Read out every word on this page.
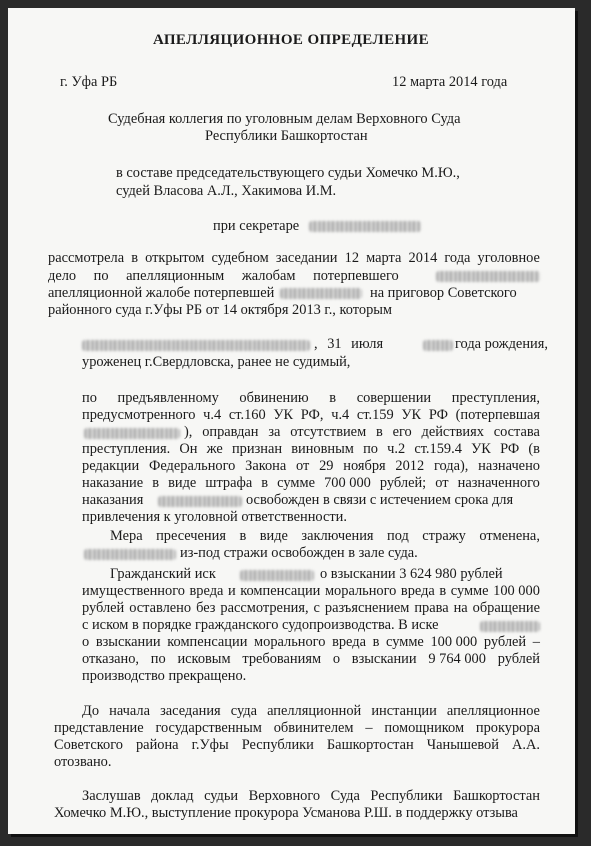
АПЕЛЛЯЦИОННОЕ ОПРЕДЕЛЕНИЕ
г. Уфа РБ	12 марта 2014 года
Судебная коллегия по уголовным делам Верховного Суда
Республики Башкортостан
в составе председательствующего судьи Хомечко М.Ю.,
судей Власова А.Л., Хакимова И.М.
при секретаре
рассмотрела в открытом судебном заседании 12 марта 2014 года уголовное
дело по апелляционным жалобам потерпевшего
апелляционной жалобе потерпевшей	на приговор Советского
районного суда г.Уфы РБ от 14 октября 2013 г., которым
, 31 июля	года рождения,
уроженец г.Свердловска, ранее не судимый,
по предъявленному обвинению в совершении преступления,
предусмотренного ч.4 ст.160 УК РФ, ч.4 ст.159 УК РФ (потерпевшая
), оправдан за отсутствием в его действиях состава
преступления. Он же признан виновным по ч.2 ст.159.4 УК РФ (в
редакции Федерального Закона от 29 ноября 2012 года), назначено
наказание в виде штрафа в сумме 700 000 рублей; от назначенного
наказания	освобожден в связи с истечением срока для
привлечения к уголовной ответственности.
Мера пресечения в виде заключения под стражу отменена,
из-под стражи освобожден в зале суда.
Гражданский иск	о взыскании 3 624 980 рублей
имущественного вреда и компенсации морального вреда в сумме 100 000
рублей оставлено без рассмотрения, с разъяснением права на обращение
с иском в порядке гражданского судопроизводства. В иске
о взыскании компенсации морального вреда в сумме 100 000 рублей –
отказано, по исковым требованиям о взыскании 9 764 000 рублей
производство прекращено.
До начала заседания суда апелляционной инстанции апелляционное
представление государственным обвинителем – помощником прокурора
Советского района г.Уфы Республики Башкортостан Чанышевой А.А.
отозвано.
Заслушав доклад судьи Верховного Суда Республики Башкортостан
Хомечко М.Ю., выступление прокурора Усманова Р.Ш. в поддержку отзыва
